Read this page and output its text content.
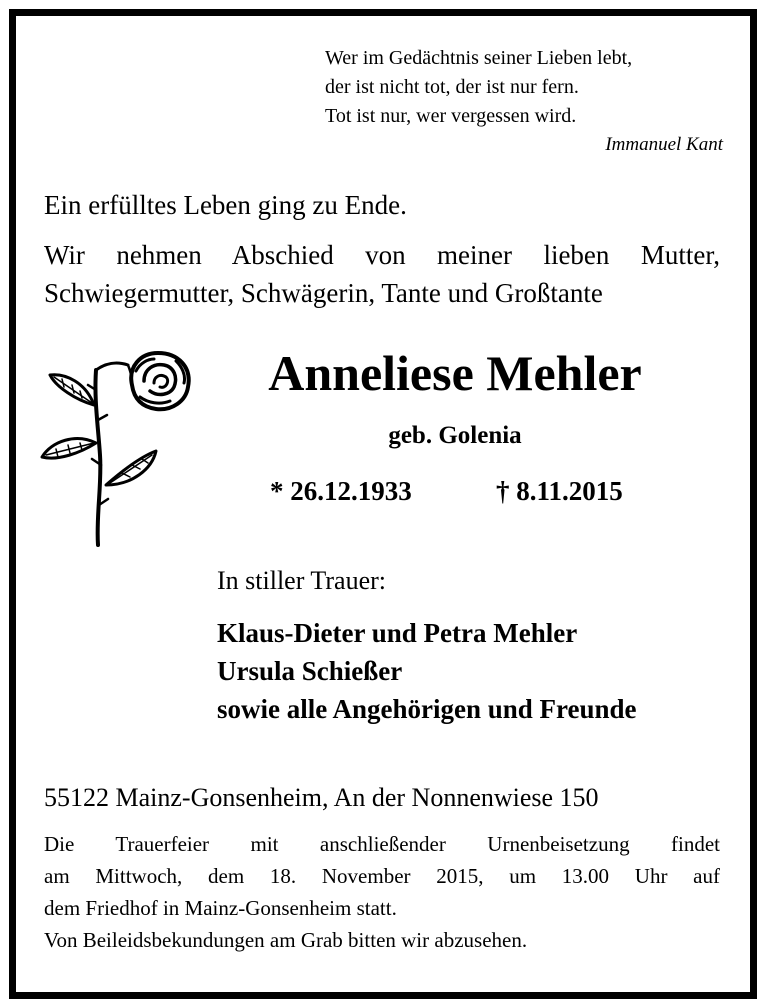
Wer im Gedächtnis seiner Lieben lebt,
der ist nicht tot, der ist nur fern.
Tot ist nur, wer vergessen wird.
Immanuel Kant
Ein erfülltes Leben ging zu Ende.
Wir nehmen Abschied von meiner lieben Mutter, Schwiegermutter, Schwägerin, Tante und Großtante
Anneliese Mehler
geb. Golenia
* 26.12.1933	† 8.11.2015
In stiller Trauer:
Klaus-Dieter und Petra Mehler
Ursula Schießer
sowie alle Angehörigen und Freunde
55122 Mainz-Gonsenheim, An der Nonnenwiese 150
Die Trauerfeier mit anschließender Urnenbeisetzung findet
am Mittwoch, dem 18. November 2015, um 13.00 Uhr auf
dem Friedhof in Mainz-Gonsenheim statt.
Von Beileidsbekundungen am Grab bitten wir abzusehen.
